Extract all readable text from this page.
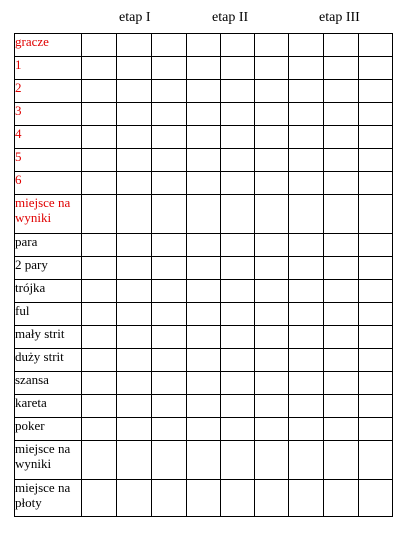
etap I	etap II	etap III
gracze									
1									
2									
3									
4									
5									
6									
miejsce na wyniki									
para									
2 pary									
trójka									
ful									
mały strit									
duży strit									
szansa									
kareta									
poker									
miejsce na wyniki									
miejsce na płoty									
